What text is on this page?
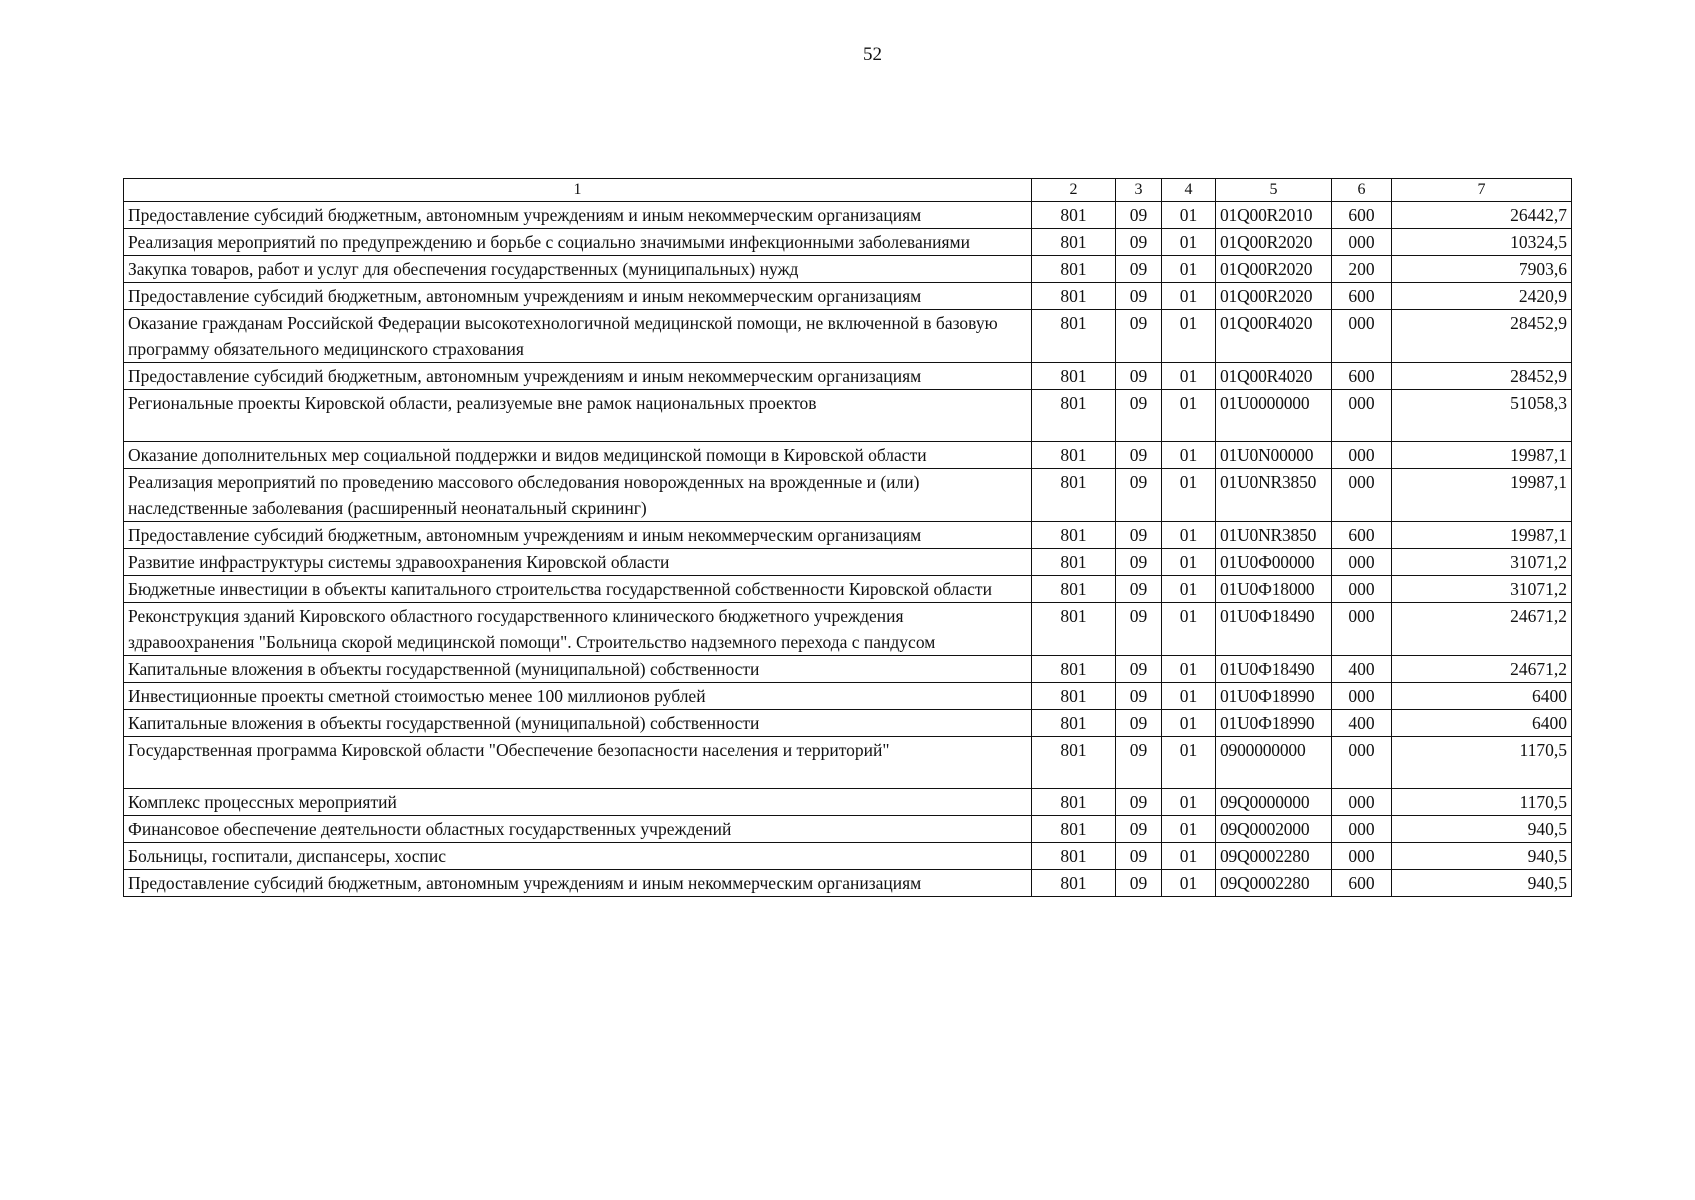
52
1	2	3	4	5	6	7
Предоставление субсидий бюджетным, автономным учреждениям и иным некоммерческим организациям	801	09	01	01Q00R2010	600	26442,7
Реализация мероприятий по предупреждению и борьбе с социально значимыми инфекционными заболеваниями	801	09	01	01Q00R2020	000	10324,5
Закупка товаров, работ и услуг для обеспечения государственных (муниципальных) нужд	801	09	01	01Q00R2020	200	7903,6
Предоставление субсидий бюджетным, автономным учреждениям и иным некоммерческим организациям	801	09	01	01Q00R2020	600	2420,9
Оказание гражданам Российской Федерации высокотехнологичной медицинской помощи, не включенной в базовую программу обязательного медицинского страхования	801	09	01	01Q00R4020	000	28452,9
Предоставление субсидий бюджетным, автономным учреждениям и иным некоммерческим организациям	801	09	01	01Q00R4020	600	28452,9
Региональные проекты Кировской области, реализуемые вне рамок национальных проектов	801	09	01	01U0000000	000	51058,3
Оказание дополнительных мер социальной поддержки и видов медицинской помощи в Кировской области	801	09	01	01U0N00000	000	19987,1
Реализация мероприятий по проведению массового обследования новорожденных на врожденные и (или) наследственные заболевания (расширенный неонатальный скрининг)	801	09	01	01U0NR3850	000	19987,1
Предоставление субсидий бюджетным, автономным учреждениям и иным некоммерческим организациям	801	09	01	01U0NR3850	600	19987,1
Развитие инфраструктуры системы здравоохранения Кировской области	801	09	01	01U0Ф00000	000	31071,2
Бюджетные инвестиции в объекты капитального строительства государственной собственности Кировской области	801	09	01	01U0Ф18000	000	31071,2
Реконструкция зданий Кировского областного государственного клинического бюджетного учреждения здравоохранения "Больница скорой медицинской помощи". Строительство надземного перехода с пандусом	801	09	01	01U0Ф18490	000	24671,2
Капитальные вложения в объекты государственной (муниципальной) собственности	801	09	01	01U0Ф18490	400	24671,2
Инвестиционные проекты сметной стоимостью менее 100 миллионов рублей	801	09	01	01U0Ф18990	000	6400
Капитальные вложения в объекты государственной (муниципальной) собственности	801	09	01	01U0Ф18990	400	6400
Государственная программа Кировской области "Обеспечение безопасности населения и территорий"	801	09	01	0900000000	000	1170,5
Комплекс процессных мероприятий	801	09	01	09Q0000000	000	1170,5
Финансовое обеспечение деятельности областных государственных учреждений	801	09	01	09Q0002000	000	940,5
Больницы, госпитали, диспансеры, хоспис	801	09	01	09Q0002280	000	940,5
Предоставление субсидий бюджетным, автономным учреждениям и иным некоммерческим организациям	801	09	01	09Q0002280	600	940,5
